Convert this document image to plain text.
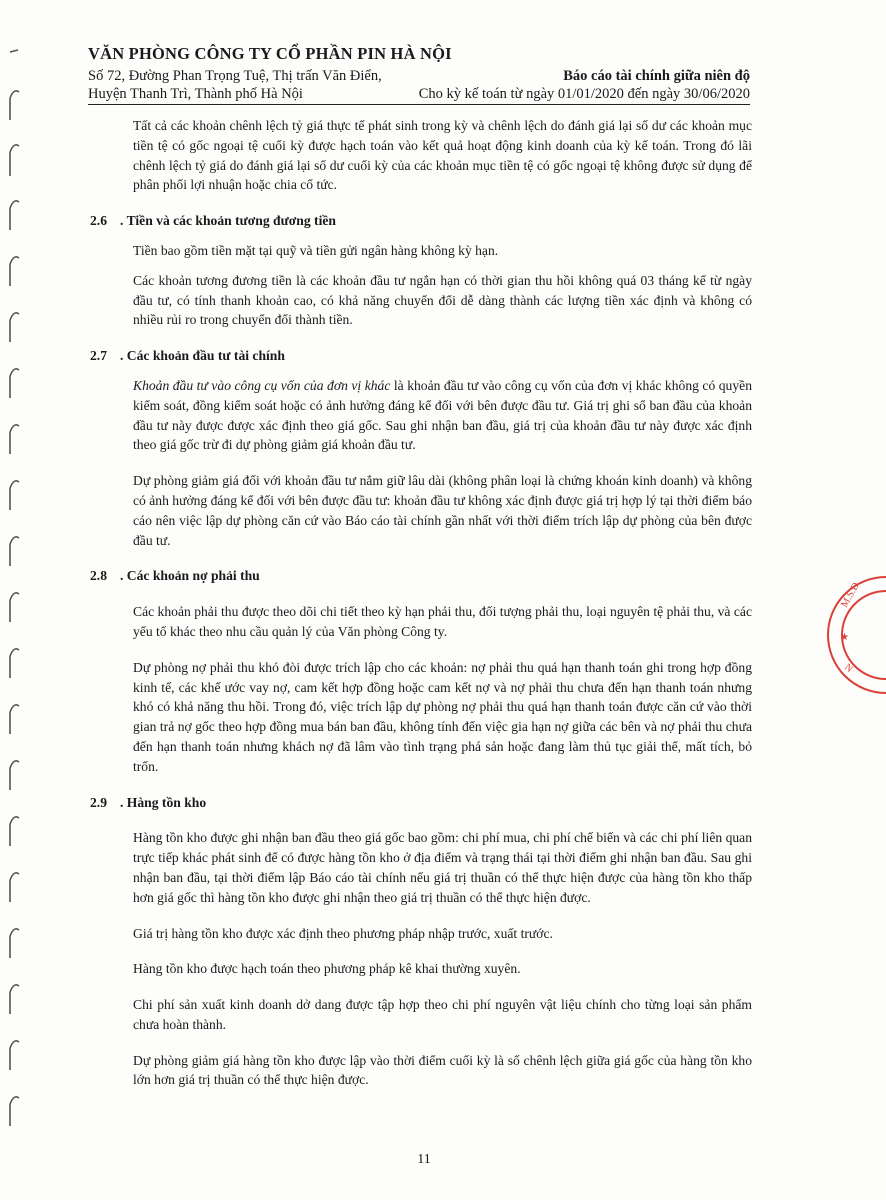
M.S.D.
★
N
VĂN PHÒNG CÔNG TY CỔ PHẦN PIN HÀ NỘI
Số 72, Đường Phan Trọng Tuệ, Thị trấn Văn Điển,
Huyện Thanh Trì, Thành phố Hà Nội
Báo cáo tài chính giữa niên độ
Cho kỳ kế toán từ ngày 01/01/2020 đến ngày 30/06/2020

Tất cả các khoản chênh lệch tỷ giá thực tế phát sinh trong kỳ và chênh lệch do đánh giá lại số dư các khoản mục tiền tệ có gốc ngoại tệ cuối kỳ được hạch toán vào kết quả hoạt động kinh doanh của kỳ kế toán. Trong đó lãi chênh lệch tỷ giá do đánh giá lại số dư cuối kỳ của các khoản mục tiền tệ có gốc ngoại tệ không được sử dụng để phân phối lợi nhuận hoặc chia cổ tức.

2.6	. Tiền và các khoản tương đương tiền

Tiền bao gồm tiền mặt tại quỹ và tiền gửi ngân hàng không kỳ hạn.

Các khoản tương đương tiền là các khoản đầu tư ngắn hạn có thời gian thu hồi không quá 03 tháng kể từ ngày đầu tư, có tính thanh khoản cao, có khả năng chuyển đổi dễ dàng thành các lượng tiền xác định và không có nhiều rủi ro trong chuyển đổi thành tiền.

2.7	. Các khoản đầu tư tài chính

Khoản đầu tư vào công cụ vốn của đơn vị khác là khoản đầu tư vào công cụ vốn của đơn vị khác không có quyền kiểm soát, đồng kiểm soát hoặc có ảnh hưởng đáng kể đối với bên được đầu tư. Giá trị ghi sổ ban đầu của khoản đầu tư này được được xác định theo giá gốc. Sau ghi nhận ban đầu, giá trị của khoản đầu tư này được xác định theo giá gốc trừ đi dự phòng giảm giá khoản đầu tư.

Dự phòng giảm giá đối với khoản đầu tư nắm giữ lâu dài (không phân loại là chứng khoán kinh doanh) và không có ảnh hưởng đáng kể đối với bên được đầu tư: khoản đầu tư không xác định được giá trị hợp lý tại thời điểm báo cáo nên việc lập dự phòng căn cứ vào Báo cáo tài chính gần nhất với thời điểm trích lập dự phòng của bên được đầu tư.

2.8	. Các khoản nợ phải thu

Các khoản phải thu được theo dõi chi tiết theo kỳ hạn phải thu, đối tượng phải thu, loại nguyên tệ phải thu, và các yếu tố khác theo nhu cầu quản lý của Văn phòng Công ty.

Dự phòng nợ phải thu khó đòi được trích lập cho các khoản: nợ phải thu quá hạn thanh toán ghi trong hợp đồng kinh tế, các khế ước vay nợ, cam kết hợp đồng hoặc cam kết nợ và nợ phải thu chưa đến hạn thanh toán nhưng khó có khả năng thu hồi. Trong đó, việc trích lập dự phòng nợ phải thu quá hạn thanh toán được căn cứ vào thời gian trả nợ gốc theo hợp đồng mua bán ban đầu, không tính đến việc gia hạn nợ giữa các bên và nợ phải thu chưa đến hạn thanh toán nhưng khách nợ đã lâm vào tình trạng phá sản hoặc đang làm thủ tục giải thể, mất tích, bỏ trốn.

2.9	. Hàng tồn kho

Hàng tồn kho được ghi nhận ban đầu theo giá gốc bao gồm: chi phí mua, chi phí chế biến và các chi phí liên quan trực tiếp khác phát sinh để có được hàng tồn kho ở địa điểm và trạng thái tại thời điểm ghi nhận ban đầu. Sau ghi nhận ban đầu, tại thời điểm lập Báo cáo tài chính nếu giá trị thuần có thể thực hiện được của hàng tồn kho thấp hơn giá gốc thì hàng tồn kho được ghi nhận theo giá trị thuần có thể thực hiện được.

Giá trị hàng tồn kho được xác định theo phương pháp nhập trước, xuất trước.

Hàng tồn kho được hạch toán theo phương pháp kê khai thường xuyên.

Chi phí sản xuất kinh doanh dở dang được tập hợp theo chi phí nguyên vật liệu chính cho từng loại sản phẩm chưa hoàn thành.

Dự phòng giảm giá hàng tồn kho được lập vào thời điểm cuối kỳ là số chênh lệch giữa giá gốc của hàng tồn kho lớn hơn giá trị thuần có thể thực hiện được.

11
